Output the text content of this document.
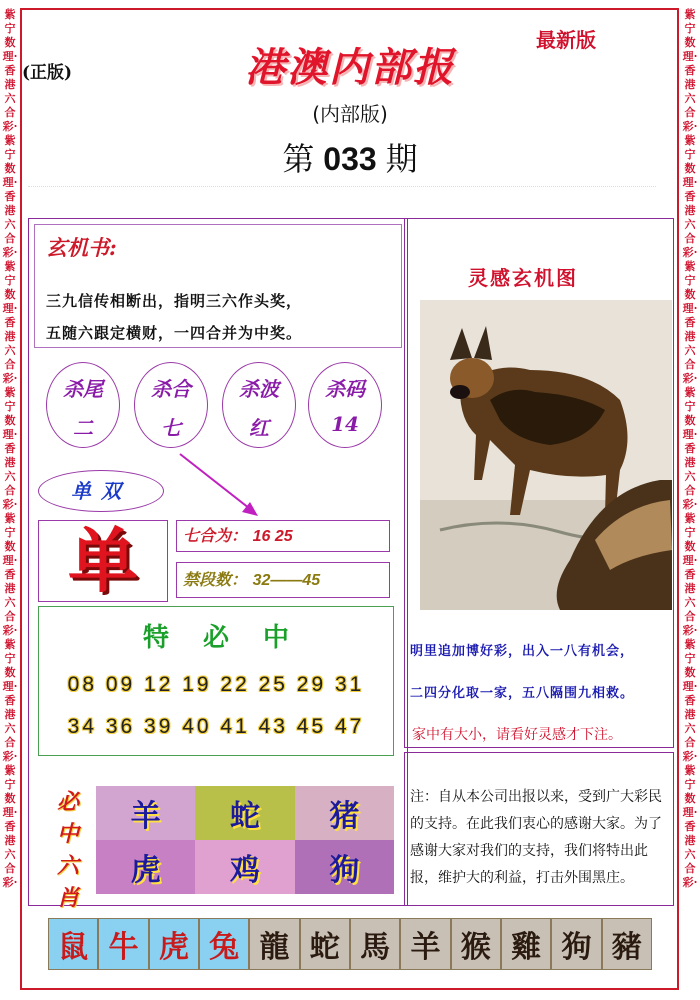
紫宁数理·香港六合彩·紫宁数理·香港六合彩·紫宁数理·香港六合彩·紫宁数理·香港六合彩·紫宁数理·香港六合彩·紫宁数理·香港六合彩·紫宁数理·香港六合彩·
紫宁数理·香港六合彩·紫宁数理·香港六合彩·紫宁数理·香港六合彩·紫宁数理·香港六合彩·紫宁数理·香港六合彩·紫宁数理·香港六合彩·紫宁数理·香港六合彩·
(正版)
最新版
港澳内部报
(内部版)
第 033 期
玄机书:
三九信传相断出，指明三六作头奖，
五随六跟定横财，一四合并为中奖。
杀尾
二
杀合
七
杀波
红
杀码
14
单双
单	七合为： 16 25
禁段数： 32——45
特必中
08 09 12 19 22 25 29 31
34 36 39 40 41 43 45 47
必
中
六
肖
羊	蛇	猪
虎	鸡	狗
灵感玄机图
明里追加博好彩，出入一八有机会，
二四分化取一家，五八隔围九相救。
家中有大小，请看好灵感才下注。
注：自从本公司出报以来，受到广大彩民的支持。在此我们衷心的感谢大家。为了感谢大家对我们的支持，我们将特出此报，维护大的利益，打击外围黑庄。
鼠 牛 虎 兔 龍 蛇 馬 羊 猴 雞 狗 豬
